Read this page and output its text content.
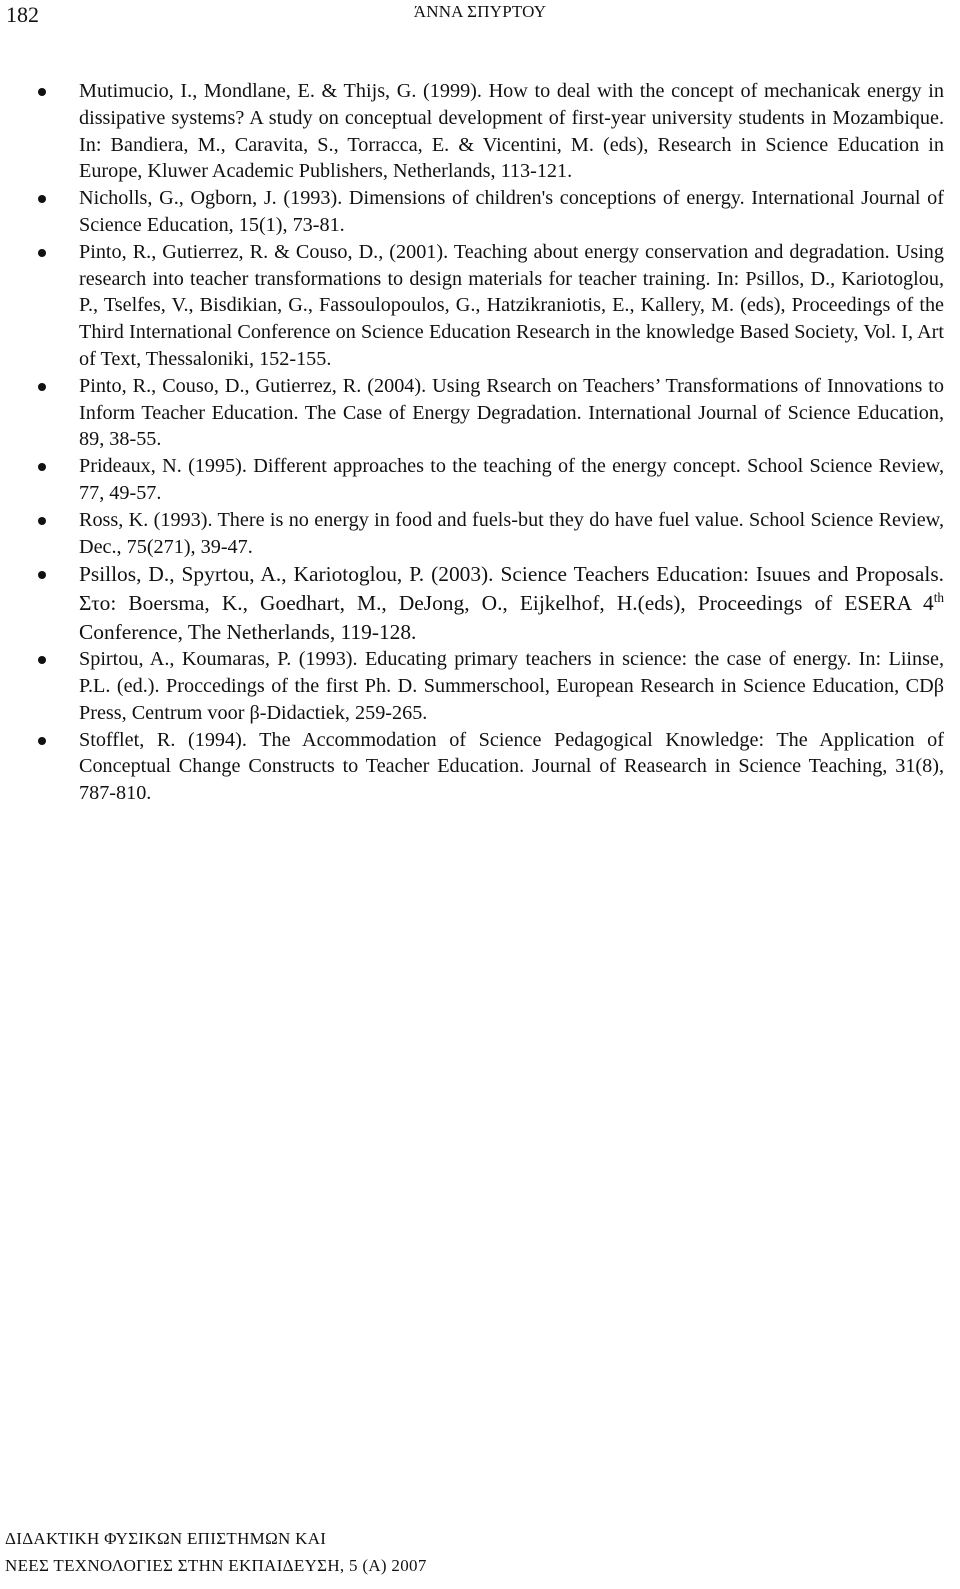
182	ΆΝΝΑ ΣΠΥΡΤΟΥ
Mutimucio, I., Mondlane, E. & Thijs, G. (1999). How to deal with the concept of mechanicak energy in dissipative systems? A study on conceptual development of first-year university students in Mozambique. In: Bandiera, M., Caravita, S., Torracca, E. & Vicentini, M. (eds), Research in Science Education in Europe, Kluwer Academic Publishers, Netherlands, 113-121.
Nicholls, G., Ogborn, J. (1993). Dimensions of children's conceptions of energy. International Journal of Science Education, 15(1), 73-81.
Pinto, R., Gutierrez, R. & Couso, D., (2001). Teaching about energy conservation and degradation. Using research into teacher transformations to design materials for teacher training. In: Psillos, D., Kariotoglou, P., Tselfes, V., Bisdikian, G., Fassoulopoulos, G., Hatzikraniotis, E., Kallery, M. (eds), Proceedings of the Third International Conference on Science Education Research in the knowledge Based Society, Vol. I, Art of Text, Thessaloniki, 152-155.
Pinto, R., Couso, D., Gutierrez, R. (2004). Using Rsearch on Teachers’ Transformations of Innovations to Inform Teacher Education. The Case of Energy Degradation. International Journal of Science Education, 89, 38-55.
Prideaux, N. (1995). Different approaches to the teaching of the energy concept. School Science Review, 77, 49-57.
Ross, K. (1993). There is no energy in food and fuels-but they do have fuel value. School Science Review, Dec., 75(271), 39-47.
Psillos, D., Spyrtou, A., Kariotoglou, P. (2003). Science Teachers Education: Isuues and Proposals. Στο: Boersma, K., Goedhart, M., DeJong, O., Eijkelhof, H.(eds), Proceedings of ESERA 4th Conference, The Netherlands, 119-128.
Spirtou, A., Koumaras, P. (1993). Educating primary teachers in science: the case of energy. In: Liinse, P.L. (ed.). Proccedings of the first Ph. D. Summerschool, European Research in Science Education, CDβ Press, Centrum voor β-Didactiek, 259-265.
Stofflet, R. (1994). The Accommodation of Science Pedagogical Knowledge: The Application of Conceptual Change Constructs to Teacher Education. Journal of Reasearch in Science Teaching, 31(8), 787-810.
ΔΙΔΑΚΤΙΚΗ ΦΥΣΙΚΩΝ ΕΠΙΣΤΗΜΩΝ ΚΑΙ
ΝΕΕΣ ΤΕΧΝΟΛΟΓΙΕΣ ΣΤΗΝ ΕΚΠΑΙΔΕΥΣΗ, 5 (Α) 2007
